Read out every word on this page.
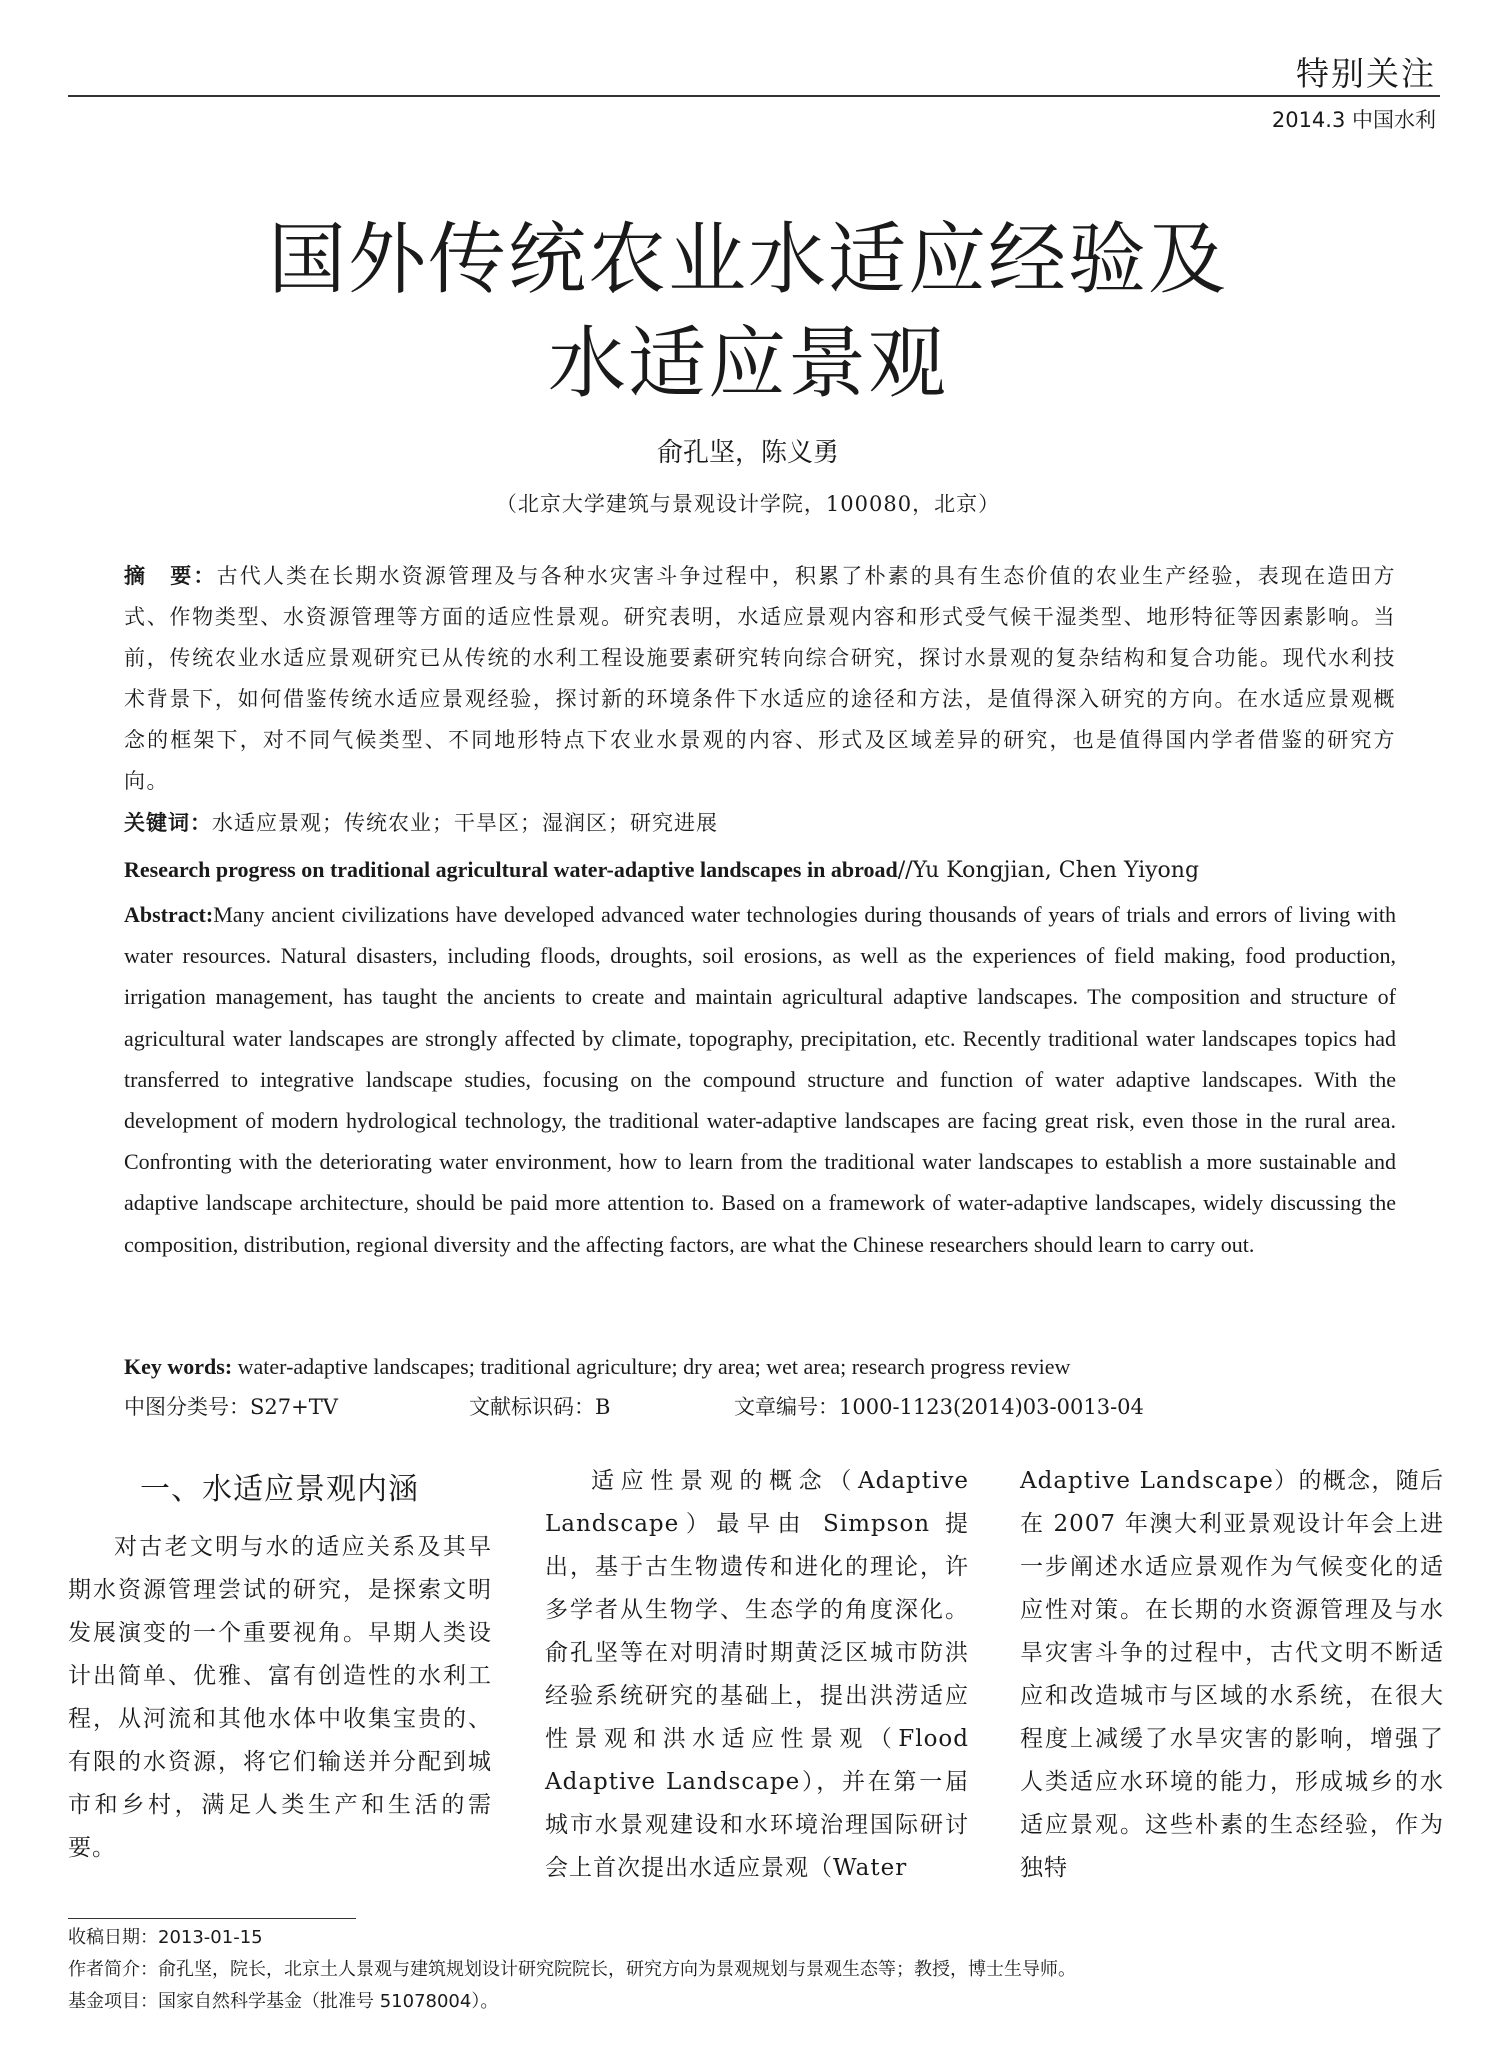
特别关注
2014.3 中国水利
国外传统农业水适应经验及
水适应景观
俞孔坚，陈义勇
（北京大学建筑与景观设计学院，100080，北京）
摘　要：古代人类在长期水资源管理及与各种水灾害斗争过程中，积累了朴素的具有生态价值的农业生产经验，表现在造田方式、作物类型、水资源管理等方面的适应性景观。研究表明，水适应景观内容和形式受气候干湿类型、地形特征等因素影响。当前，传统农业水适应景观研究已从传统的水利工程设施要素研究转向综合研究，探讨水景观的复杂结构和复合功能。现代水利技术背景下，如何借鉴传统水适应景观经验，探讨新的环境条件下水适应的途径和方法，是值得深入研究的方向。在水适应景观概念的框架下，对不同气候类型、不同地形特点下农业水景观的内容、形式及区域差异的研究，也是值得国内学者借鉴的研究方向。
关键词：水适应景观；传统农业；干旱区；湿润区；研究进展
Research progress on traditional agricultural water-adaptive landscapes in abroad//Yu Kongjian, Chen Yiyong
Abstract:Many ancient civilizations have developed advanced water technologies during thousands of years of trials and errors of living with water resources. Natural disasters, including floods, droughts, soil erosions, as well as the experiences of field making, food production, irrigation management, has taught the ancients to create and maintain agricultural adaptive landscapes. The composition and structure of agricultural water landscapes are strongly affected by climate, topography, precipitation, etc. Recently traditional water landscapes topics had transferred to integrative landscape studies, focusing on the compound structure and function of water adaptive landscapes. With the development of modern hydrological technology, the traditional water-adaptive landscapes are facing great risk, even those in the rural area. Confronting with the deteriorating water environment, how to learn from the traditional water landscapes to establish a more sustainable and adaptive landscape architecture, should be paid more attention to. Based on a framework of water-adaptive landscapes, widely discussing the composition, distribution, regional diversity and the affecting factors, are what the Chinese researchers should learn to carry out.
Key words: water-adaptive landscapes; traditional agriculture; dry area; wet area; research progress review
中图分类号：S27+TV	文献标识码：B	文章编号：1000-1123(2014)03-0013-04
一、水适应景观内涵

对古老文明与水的适应关系及其早期水资源管理尝试的研究，是探索文明发展演变的一个重要视角。早期人类设计出简单、优雅、富有创造性的水利工程，从河流和其他水体中收集宝贵的、有限的水资源，将它们输送并分配到城市和乡村，满足人类生产和生活的需要。

适应性景观的概念（Adaptive Landscape）最早由 Simpson 提出，基于古生物遗传和进化的理论，许多学者从生物学、生态学的角度深化。俞孔坚等在对明清时期黄泛区城市防洪经验系统研究的基础上，提出洪涝适应性景观和洪水适应性景观（Flood Adaptive Landscape），并在第一届城市水景观建设和水环境治理国际研讨会上首次提出水适应景观（Water

Adaptive Landscape）的概念，随后在 2007 年澳大利亚景观设计年会上进一步阐述水适应景观作为气候变化的适应性对策。在长期的水资源管理及与水旱灾害斗争的过程中，古代文明不断适应和改造城市与区域的水系统，在很大程度上减缓了水旱灾害的影响，增强了人类适应水环境的能力，形成城乡的水适应景观。这些朴素的生态经验，作为独特

收稿日期：2013-01-15
作者简介：俞孔坚，院长，北京土人景观与建筑规划设计研究院院长，研究方向为景观规划与景观生态等；教授，博士生导师。
基金项目：国家自然科学基金（批准号 51078004）。
